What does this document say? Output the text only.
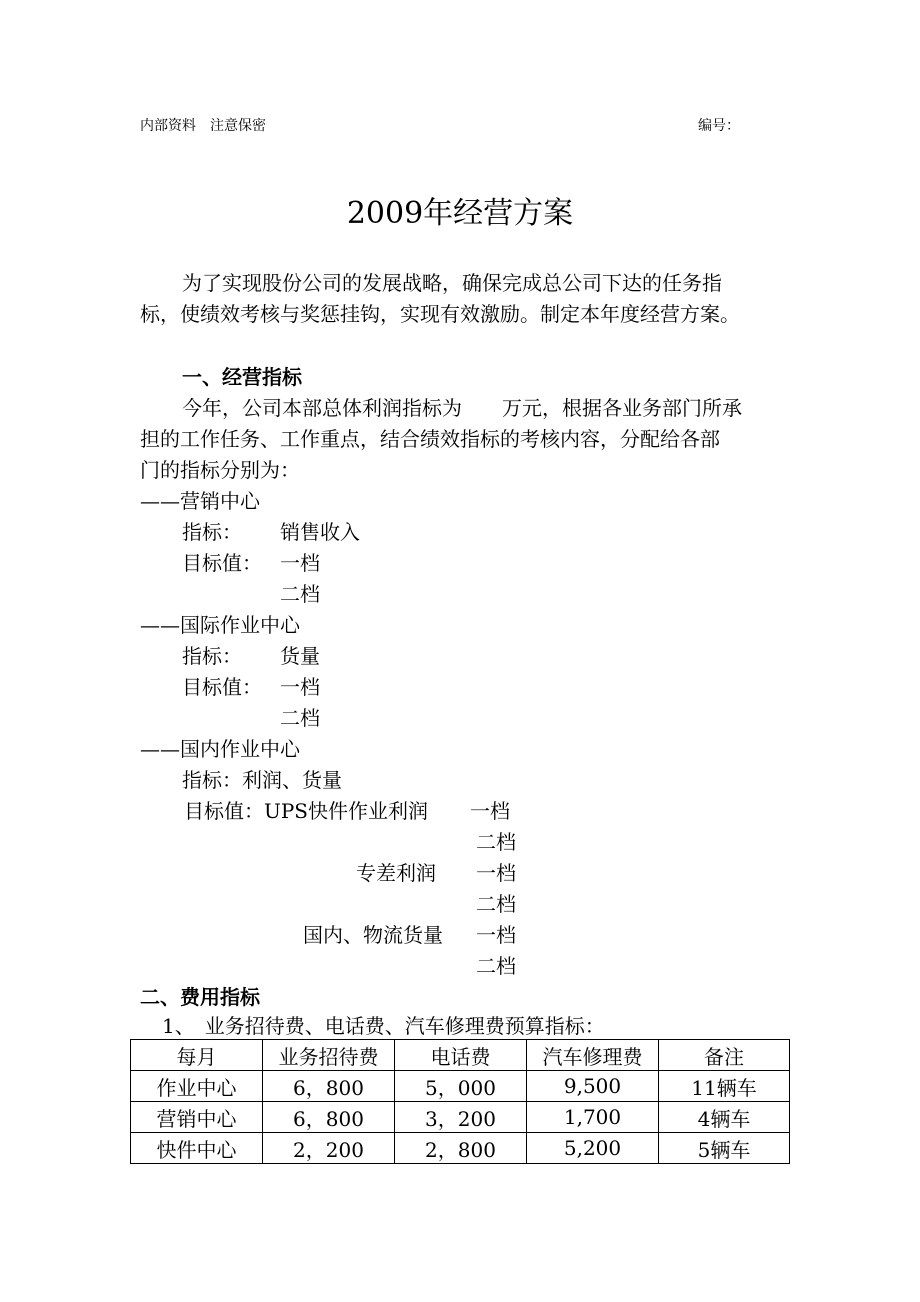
内部资料　注意保密	编号：
2009年经营方案
为了实现股份公司的发展战略，确保完成总公司下达的任务指
标，使绩效考核与奖惩挂钩，实现有效激励。制定本年度经营方案。
一、经营指标
今年，公司本部总体利润指标为　　万元，根据各业务部门所承
担的工作任务、工作重点，结合绩效指标的考核内容，分配给各部
门的指标分别为：
——营销中心
指标： 销售收入
目标值： 一档
二档
——国际作业中心
指标： 货量
目标值： 一档
二档
——国内作业中心
指标：利润、货量
目标值：UPS快件作业利润 一档
二档
专差利润 一档
二档
国内、物流货量 一档
二档
二、费用指标
1、　业务招待费、电话费、汽车修理费预算指标：
每月	业务招待费	电话费	汽车修理费	备注
作业中心	6，800	5，000	9,500	11辆车
营销中心	6，800	3，200	1,700	4辆车
快件中心	2，200	2，800	5,200	5辆车
